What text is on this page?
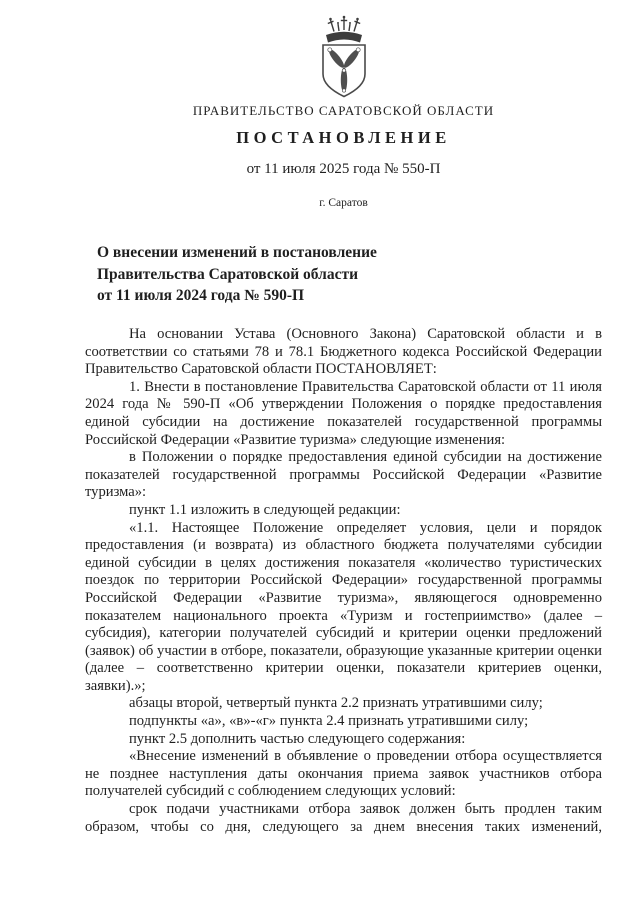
ПРАВИТЕЛЬСТВО САРАТОВСКОЙ ОБЛАСТИ
ПОСТАНОВЛЕНИЕ
от 11 июля 2025 года № 550-П
г. Саратов
О внесении изменений в постановление
Правительства Саратовской области
от 11 июля 2024 года № 590-П

На основании Устава (Основного Закона) Саратовской области и в соответствии со статьями 78 и 78.1 Бюджетного кодекса Российской Федерации Правительство Саратовской области ПОСТАНОВЛЯЕТ:

1. Внести в постановление Правительства Саратовской области от 11 июля 2024 года № 590-П «Об утверждении Положения о порядке предоставления единой субсидии на достижение показателей государственной программы Российской Федерации «Развитие туризма» следующие изменения:

в Положении о порядке предоставления единой субсидии на достижение показателей государственной программы Российской Федерации «Развитие туризма»:

пункт 1.1 изложить в следующей редакции:

«1.1. Настоящее Положение определяет условия, цели и порядок предоставления (и возврата) из областного бюджета получателями субсидии единой субсидии в целях достижения показателя «количество туристических поездок по территории Российской Федерации» государственной программы Российской Федерации «Развитие туризма», являющегося одновременно показателем национального проекта «Туризм и гостеприимство» (далее – субсидия), категории получателей субсидий и критерии оценки предложений (заявок) об участии в отборе, показатели, образующие указанные критерии оценки (далее – соответственно критерии оценки, показатели критериев оценки, заявки).»;

абзацы второй, четвертый пункта 2.2 признать утратившими силу;

подпункты «а», «в»-«г» пункта 2.4 признать утратившими силу;

пункт 2.5 дополнить частью следующего содержания:

«Внесение изменений в объявление о проведении отбора осуществляется не позднее наступления даты окончания приема заявок участников отбора получателей субсидий с соблюдением следующих условий:

срок подачи участниками отбора заявок должен быть продлен таким образом, чтобы со дня, следующего за днем внесения таких изменений,
